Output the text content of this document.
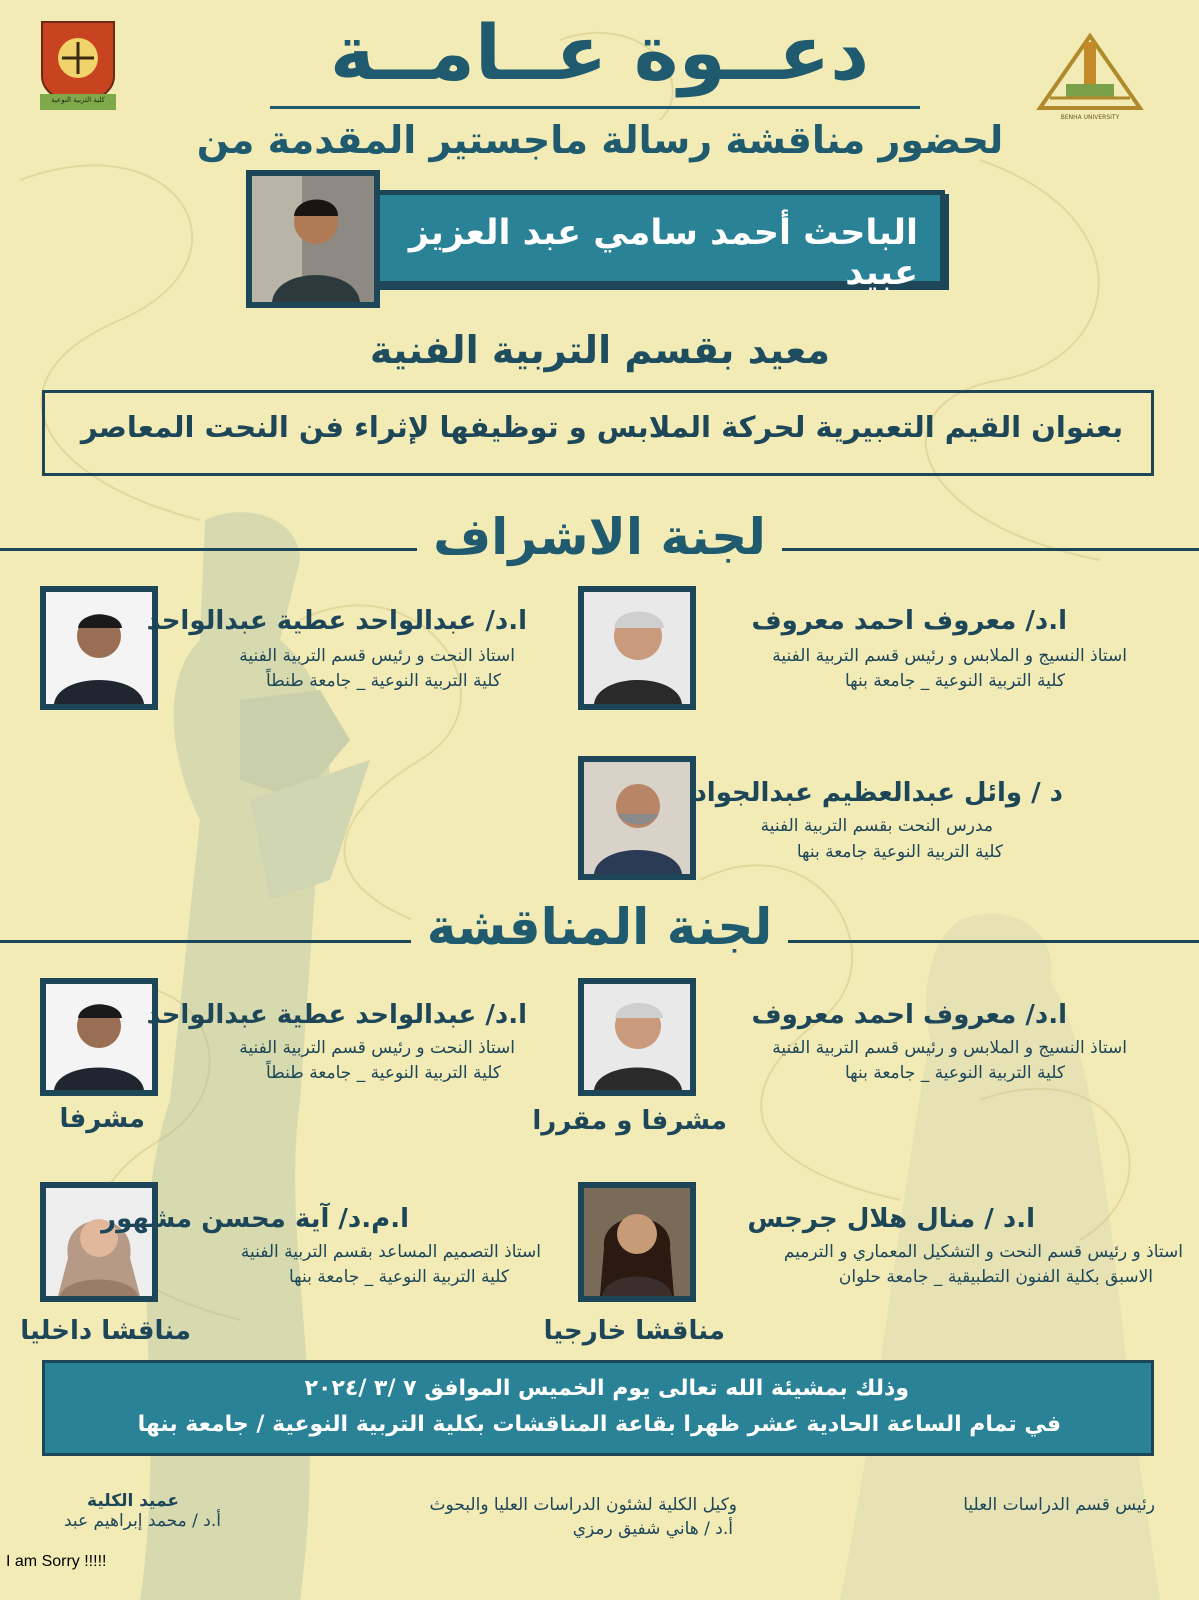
كلية التربية النوعية
BENHA UNIVERSITY
دعــوة عــامــة
لحضور مناقشة رسالة ماجستير المقدمة من
الباحث أحمد سامي عبد العزيز عبيد
معيد بقسم التربية الفنية
بعنوان القيم التعبيرية لحركة الملابس و توظيفها لإثراء فن النحت المعاصر
لجنة الاشراف
ا.د/ معروف احمد معروف
استاذ النسيج و الملابس و رئيس قسم التربية الفنية
كلية التربية النوعية _ جامعة بنها
ا.د/ عبدالواحد عطية عبدالواحد
استاذ النحت و رئيس قسم التربية الفنية
كلية التربية النوعية _ جامعة طنطاً
د / وائل عبدالعظيم عبدالجواد
مدرس النحت بقسم التربية الفنية
كلية التربية النوعية جامعة بنها
لجنة المناقشة
ا.د/ معروف احمد معروف
استاذ النسيج و الملابس و رئيس قسم التربية الفنية
كلية التربية النوعية _ جامعة بنها
مشرفا و مقررا
ا.د/ عبدالواحد عطية عبدالواحد
استاذ النحت و رئيس قسم التربية الفنية
كلية التربية النوعية _ جامعة طنطاً
مشرفا
ا.د / منال هلال جرجس
استاذ و رئيس قسم النحت و التشكيل المعماري و الترميم
الاسبق بكلية الفنون التطبيقية _ جامعة حلوان
مناقشا خارجيا
ا.م.د/ آية محسن مشهور
استاذ التصميم المساعد بقسم التربية الفنية
كلية التربية النوعية _ جامعة بنها
مناقشا داخليا
وذلك بمشيئة الله تعالى يوم الخميس الموافق ٧ /٣ /٢٠٢٤
في تمام الساعة الحادية عشر ظهرا بقاعة المناقشات بكلية التربية النوعية / جامعة بنها
عميد الكلية
أ.د / محمد إبراهيم عبد
وكيل الكلية لشئون الدراسات العليا والبحوث
أ.د / هاني شفيق رمزي
رئيس قسم الدراسات العليا
I am Sorry !!!!!
